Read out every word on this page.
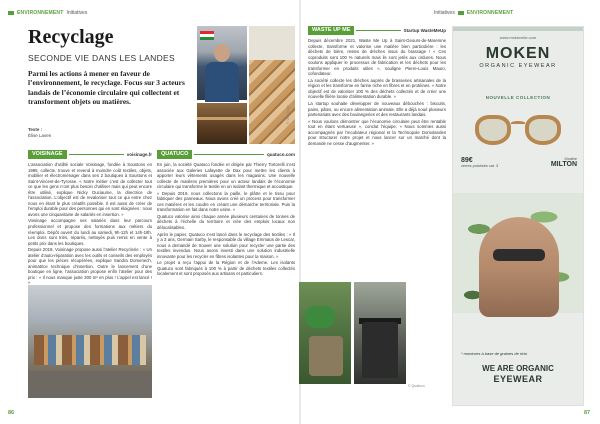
ENVIRONNEMENT Initiatives
Recyclage
SECONDE VIE DANS LES LANDES

Parmi les actions à mener en faveur de l’environnement, le recyclage. Focus sur 3 acteurs landais de l’économie circulaire qui collectent et transforment objets ou matières.

Texte :
Élise Laven
© Voisinage
VOISINAGE	voisinage.fr

L’association d’utilité sociale Voisinage, fondée à Soustons en 1995, collecte, trouve et revend à moindre coût textiles, objets, mobilier et électroménager dans ses 2 boutiques à Soustons et Saint-Vincent-de-Tyrosse. « Notre métier c’est de collecter tout ce que les gens n’ont plus besoin d’utiliser mais qui peut encore être utilisé, explique Nicky Duciaume, la directrice de l’association. L’objectif est de revaloriser tout ce qui entre chez nous en étant le plus créatifs possible. Il est aussi de créer de l’emploi durable pour des personnes qui en sont éloignées : nous avons une cinquantaine de salariés en insertion. »

Voisinage accompagne ses salariés dans leur parcours professionnel et propose des formations aux métiers du réemploi. Dépôt ouvert du lundi au samedi, 9h-12h et 14h-18h. Les dons sont triés, réparés, nettoyés puis remis en vente à petits prix dans les boutiques.

Depuis 2019, Voisinage propose aussi l’atelier Recyclerie : « Un atelier d’auto-réparation avec les outils et conseils des employés pour que les pièces récupérées, explique Sandra Domenech, animatrice technique d’insertion. Outre le lancement d’une boutique en ligne, l’association propose enfin l’atelier pour des prix : « Il nous manque juste 300 m² en plus ! L’appel est lancé ! »

QUATUCO	quatuco.com

En juin, la société Quatuco fondée et dirigée par Thierry Tortorelli s’est associée aux Galeries Lafayette de Dax pour mettre les clients à apporter leurs vêtements usagés dans les magasins. Une nouvelle collecte de matières premières pour un acteur landais de l’économie circulaire qui transforme le textile en un isolant thermique et acoustique.

« Depuis 2019, nous collectons la paille, le plâtre et le tissu pour fabriquer des panneaux. Nous avons créé un process pour transformer ces matières et les coudre en créant une démarche territoriale. Puis la transformation en fait dans notre usine. »

Quatuco valorise ainsi chaque année plusieurs centaines de tonnes de déchets à l’échelle du territoire et crée des emplois locaux non délocalisables.

Après le papier, Quatuco s’est lancé dans le recyclage des textiles : « Il y a 3 ans, Germain Sarby, le responsable du village Emmaüs de Lescar, nous a demandé de trouver une solution pour recycler une partie des textiles invendus. Nous avons investi dans une solution industrielle innovante pour les recycler en fibres isolantes pour la maison. »

Le projet a reçu l’appui de la Région et de l’Ademe. Les isolants Quatuco sont fabriqués à 100 % à partir de déchets textiles collectés localement et sont proposés aux artisans et particuliers.

86
Initiatives ENVIRONNEMENT
WASTE UP ME	Startup WasteMeUp

Depuis décembre 2021, Waste Me Up à Saint-Geours-de-Maremne collecte, transforme et valorise une matière bien particulière : les déchets de bière, restes de drèches issus du brassage ! « Ces coproduits sont 100 % naturels mais ils sont jetés aux ordures. Nous voulons appliquer le processus de fabrication et les déchets pour les transformer en produits utiles », souligne Pierre-Louis Mauro, cofondateur.

La société collecte les drèches auprès de brasseries artisanales de la région et les transforme en farine riche en fibres et en protéines. « Notre objectif est de valoriser 100 % des déchets collectés et de créer une nouvelle filière locale d’alimentation durable. »

La startup souhaite développer de nouveaux débouchés : biscuits, pains, pâtes, ou encore alimentation animale. Elle a déjà noué plusieurs partenariats avec des boulangeries et des restaurants landais.

« Nous voulons démontrer que l’économie circulaire peut être rentable tout en étant vertueuse », conclut l’équipe. « Nous sommes aussi accompagnés par l’incubateur régional et la Technopole Domolandes pour structurer notre projet et nous lancer sur un marché dont la demande ne cesse d’augmenter. »

© Quatuco
www.mokenelle.com
MOKEN
ORGANIC EYEWEAR
NOUVELLE COLLECTION
89€
verres polarisés cat. 3
Modèle
MILTON
* montures à base de graines de ricin
WE ARE ORGANIC
EYEWEAR
87
